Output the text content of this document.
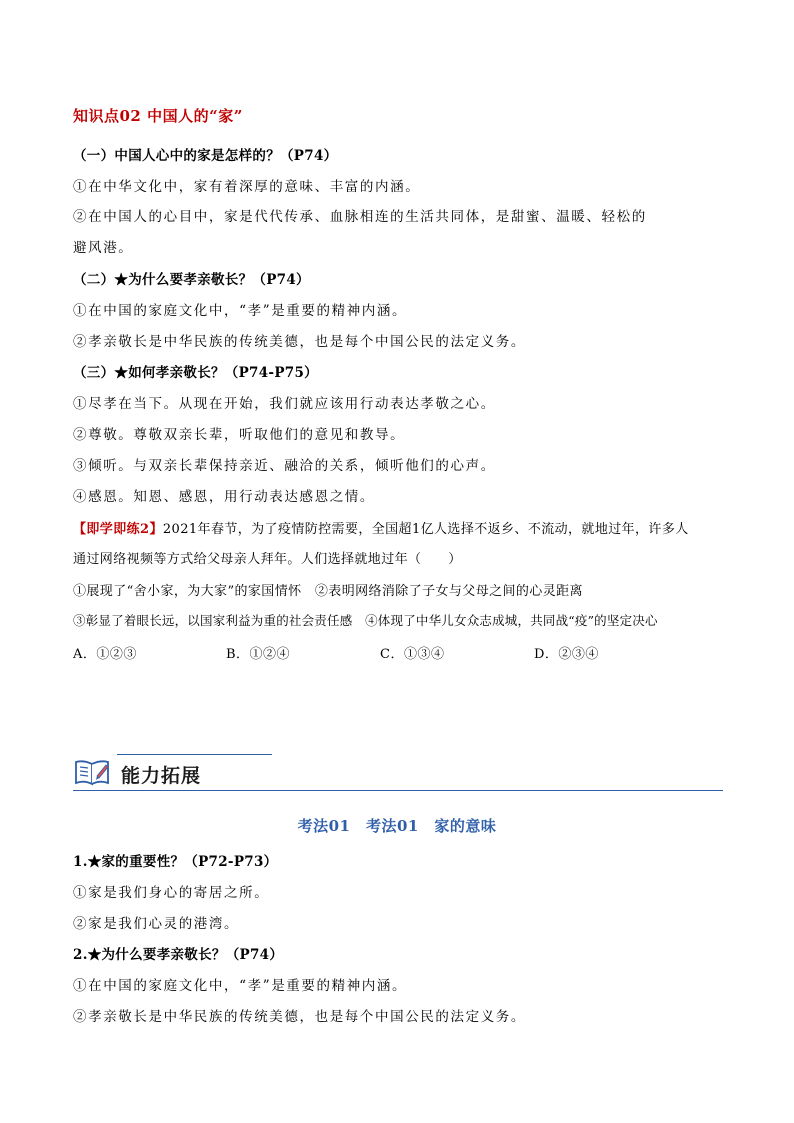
知识点02 中国人的“家”
（一）中国人心中的家是怎样的？（P74）
①在中华文化中，家有着深厚的意味、丰富的内涵。
②在中国人的心目中，家是代代传承、血脉相连的生活共同体，是甜蜜、温暖、轻松的
避风港。
（二）★为什么要孝亲敬长？（P74）
①在中国的家庭文化中，“孝”是重要的精神内涵。
②孝亲敬长是中华民族的传统美德，也是每个中国公民的法定义务。
（三）★如何孝亲敬长？（P74-P75）
①尽孝在当下。从现在开始，我们就应该用行动表达孝敬之心。
②尊敬。尊敬双亲长辈，听取他们的意见和教导。
③倾听。与双亲长辈保持亲近、融洽的关系，倾听他们的心声。
④感恩。知恩、感恩，用行动表达感恩之情。
【即学即练2】2021年春节，为了疫情防控需要，全国超1亿人选择不返乡、不流动，就地过年，许多人
通过网络视频等方式给父母亲人拜年。人们选择就地过年（　　）
①展现了“舍小家，为大家”的家国情怀　②表明网络消除了子女与父母之间的心灵距离
③彰显了着眼长远，以国家利益为重的社会责任感　④体现了中华儿女众志成城，共同战“疫”的坚定决心
A．①②③	B．①②④	C．①③④	D．②③④
能力拓展
考法01　考法01　家的意味
1.★家的重要性？（P72-P73）
①家是我们身心的寄居之所。
②家是我们心灵的港湾。
2.★为什么要孝亲敬长？（P74）
①在中国的家庭文化中，“孝”是重要的精神内涵。
②孝亲敬长是中华民族的传统美德，也是每个中国公民的法定义务。
